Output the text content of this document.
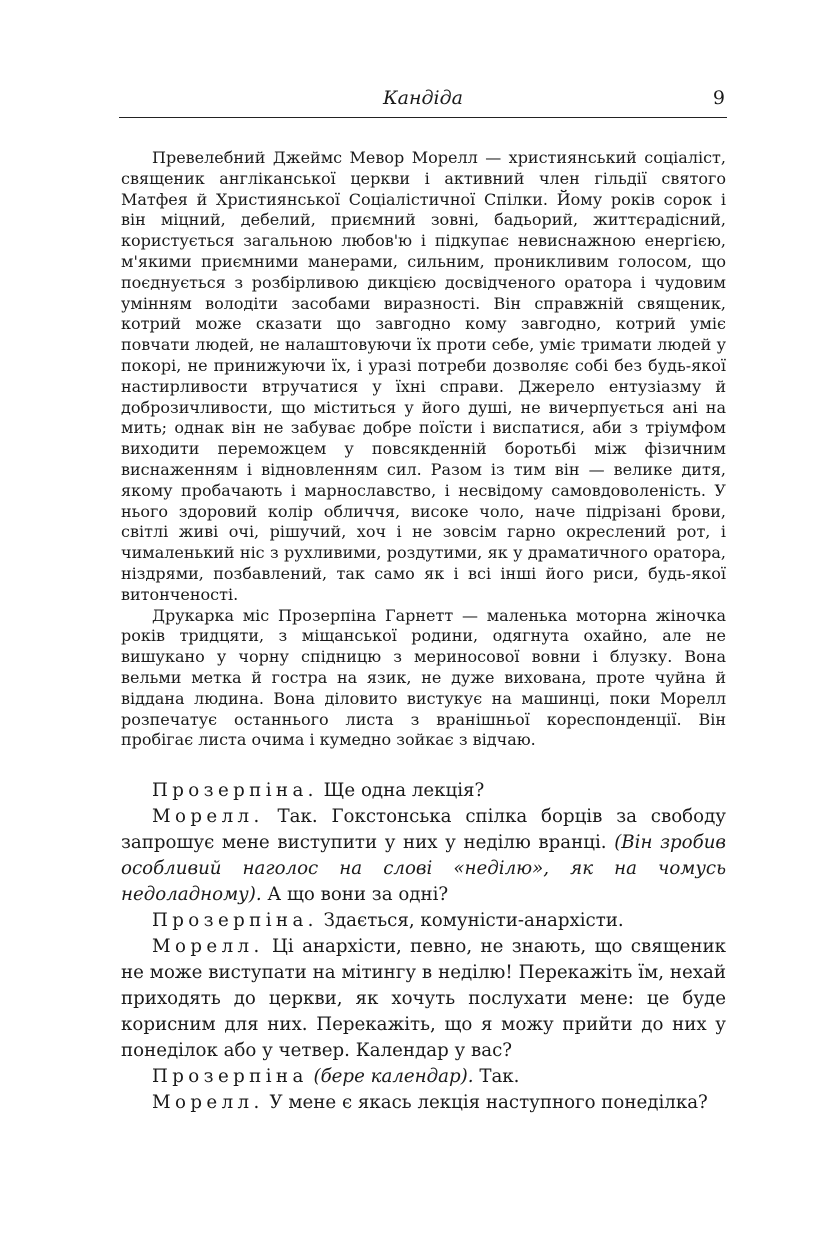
Кандіда	9

Превелебний Джеймс Мевор Морелл — християнський соціаліст, священик англіканської церкви і активний член гільдії святого Матфея й Християнської Соціалістичної Спілки. Йому років сорок і він міцний, дебелий, приємний зовні, бадьорий, життєрадісний, користується загальною любов'ю і підкупає невиснажною енергією, м'якими приємними манерами, сильним, проникливим голосом, що поєднується з розбірливою дикцією досвідченого оратора і чудовим умінням володіти засобами виразності. Він справжній священик, котрий може сказати що завгодно кому завгодно, котрий уміє повчати людей, не налаштовуючи їх проти себе, уміє тримати людей у покорі, не принижуючи їх, і уразі потреби дозволяє собі без будь-якої настирливости втручатися у їхні справи. Джерело ентузіазму й доброзичливости, що міститься у його душі, не вичерпується ані на мить; однак він не забуває добре поїсти і виспатися, аби з тріумфом виходити переможцем у повсякденній боротьбі між фізичним виснаженням і відновленням сил. Разом із тим він — велике дитя, якому пробачають і марнославство, і несвідому самовдоволеність. У нього здоровий колір обличчя, високе чоло, наче підрізані брови, світлі живі очі, рішучий, хоч і не зовсім гарно окреслений рот, і чималенький ніс з рухливими, роздутими, як у драматичного оратора, ніздрями, позбавлений, так само як і всі інші його риси, будь-якої витонченості.

Друкарка міс Прозерпіна Гарнетт — маленька моторна жіночка років тридцяти, з міщанської родини, одягнута охайно, але не вишукано у чорну спідницю з мериносової вовни і блузку. Вона вельми метка й гостра на язик, не дуже вихована, проте чуйна й віддана людина. Вона діловито вистукує на машинці, поки Морелл розпечатує останнього листа з вранішньої кореспонденції. Він пробігає листа очима і кумедно зойкає з відчаю.

Прозерпіна. Ще одна лекція?

Морелл. Так. Гокстонська спілка борців за свободу запрошує мене виступити у них у неділю вранці. (Він зробив особливий наголос на слові «неділю», як на чомусь недоладному). А що вони за одні?

Прозерпіна. Здається, комуністи-анархісти.

Морелл. Ці анархісти, певно, не знають, що священик не може виступати на мітингу в неділю! Перекажіть їм, нехай приходять до церкви, як хочуть послухати мене: це буде корисним для них. Перекажіть, що я можу прийти до них у понеділок або у четвер. Календар у вас?

Прозерпіна (бере календар). Так.

Морелл. У мене є якась лекція наступного понеділка?
